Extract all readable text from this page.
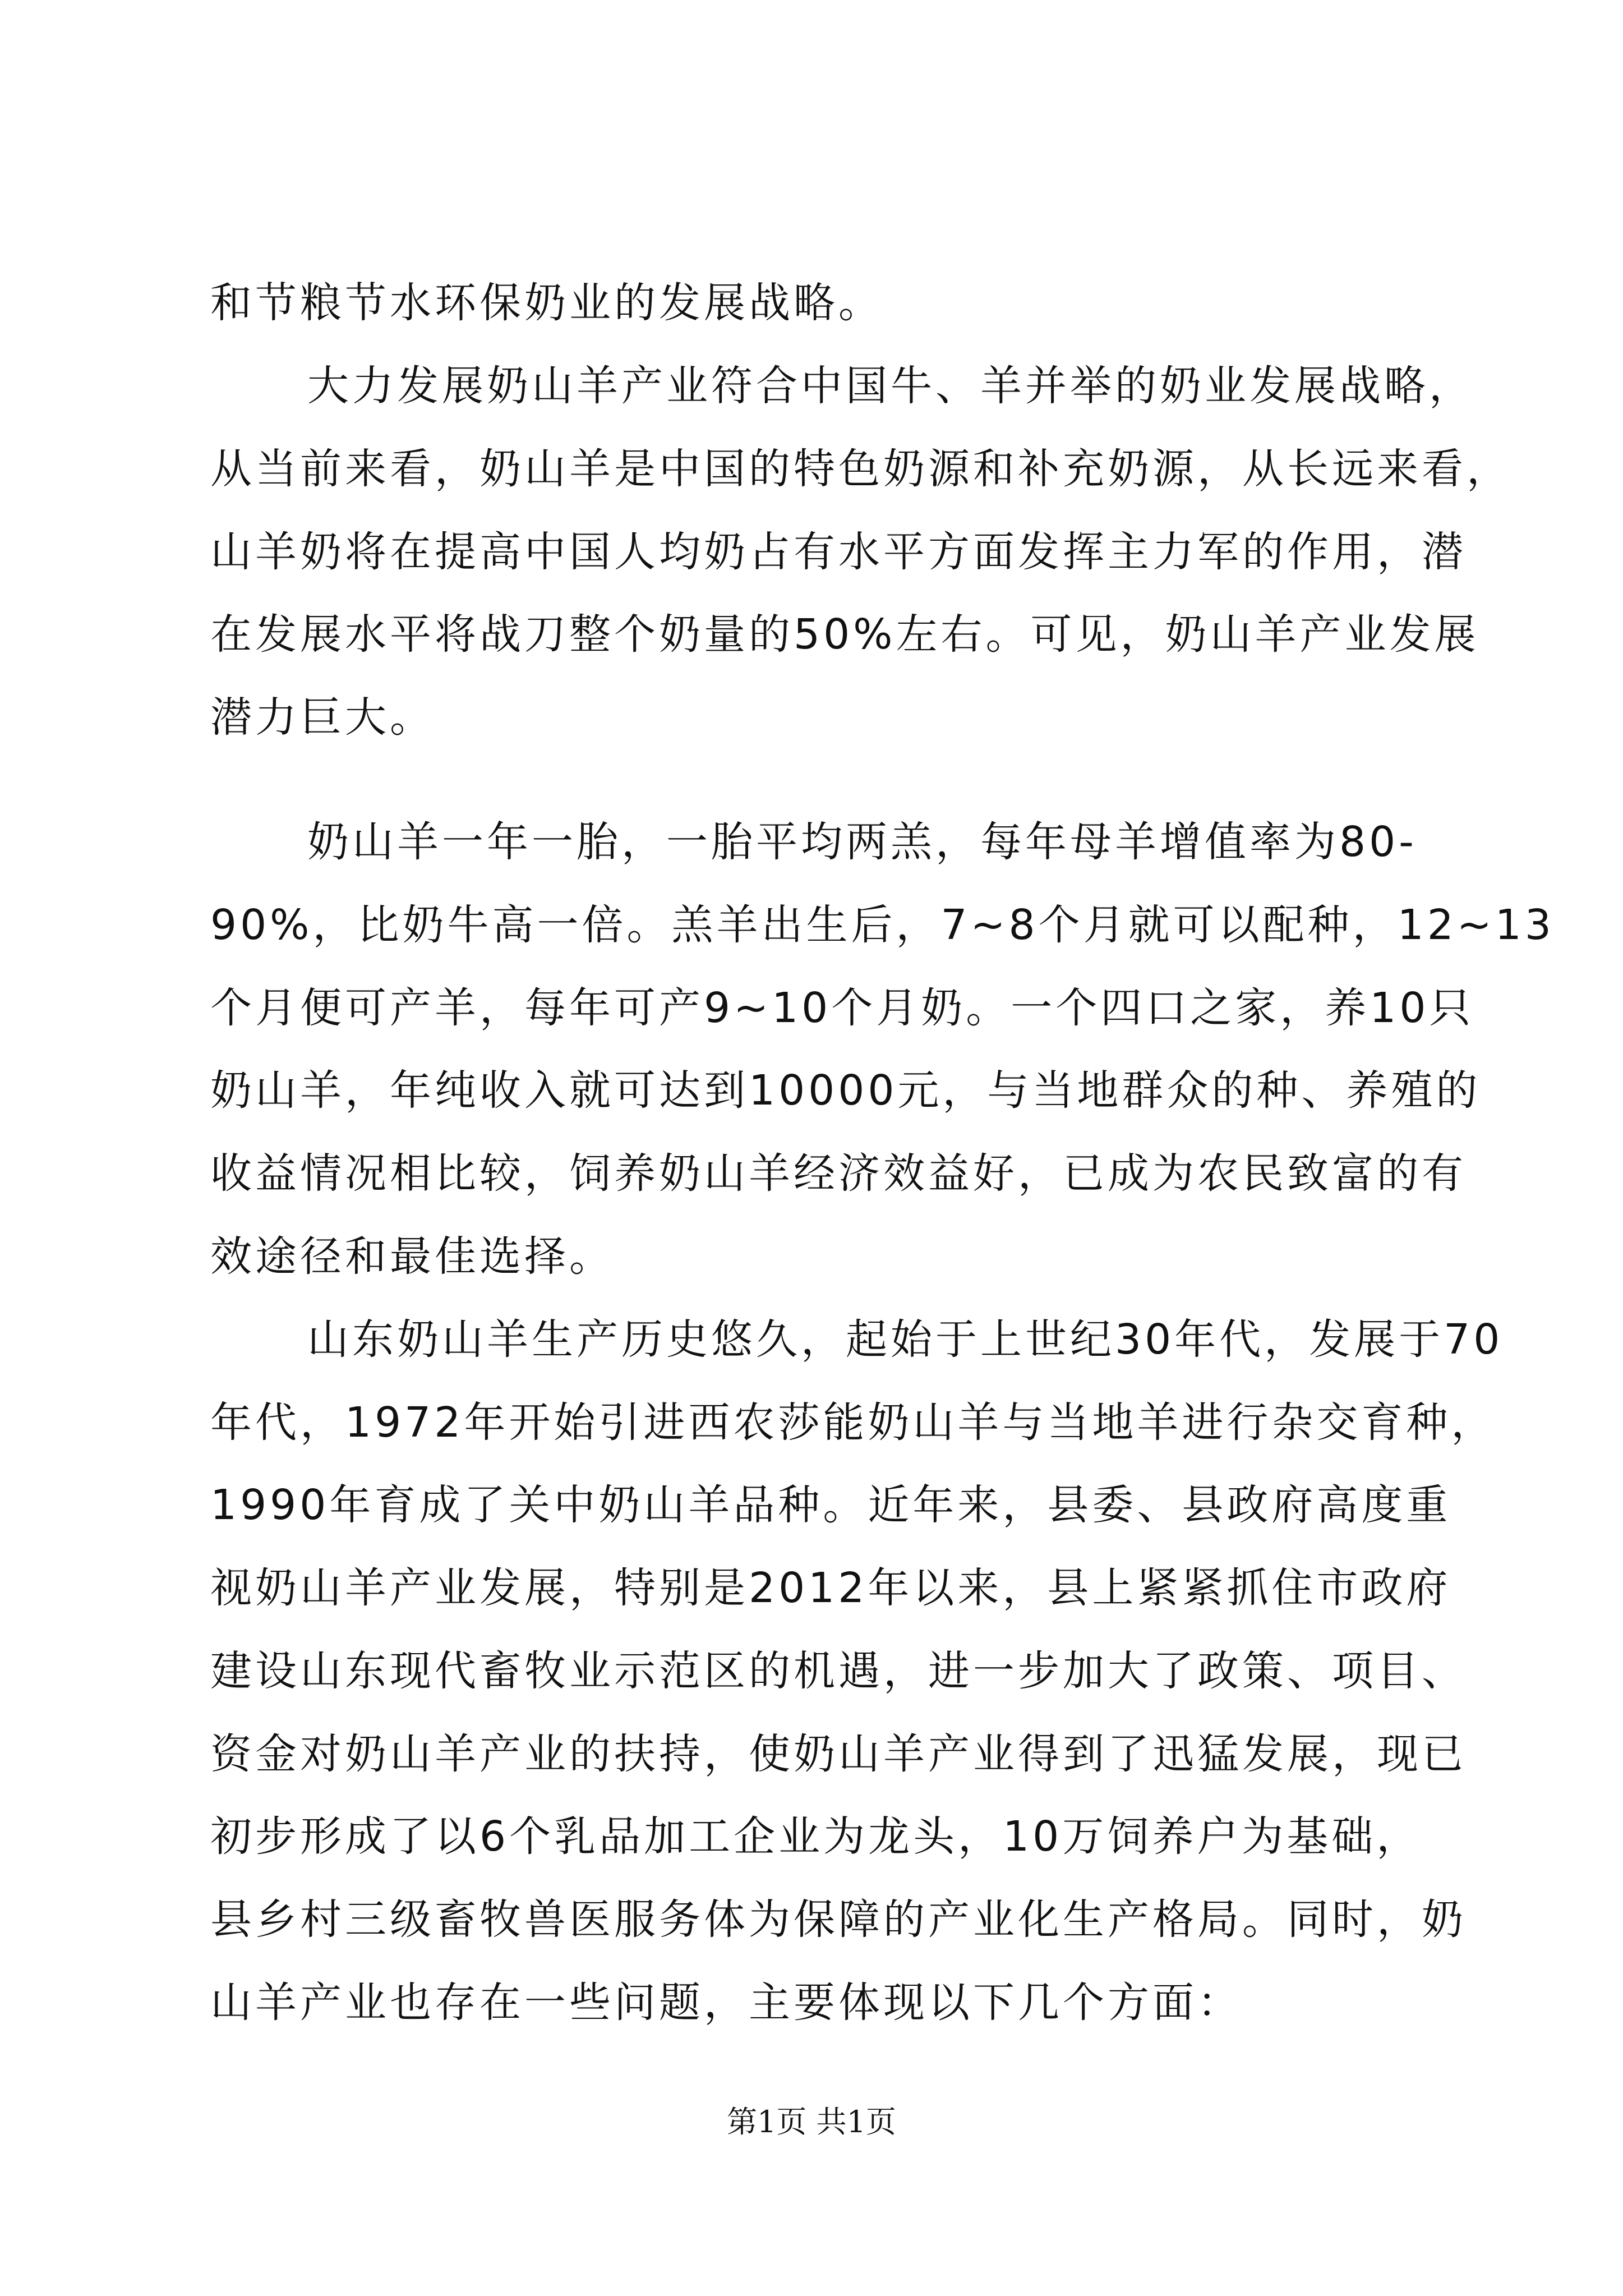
和节粮节水环保奶业的发展战略。
大力发展奶山羊产业符合中国牛、羊并举的奶业发展战略，
从当前来看，奶山羊是中国的特色奶源和补充奶源，从长远来看，
山羊奶将在提高中国人均奶占有水平方面发挥主力军的作用，潜
在发展水平将战刀整个奶量的50%左右。可见，奶山羊产业发展
潜力巨大。
奶山羊一年一胎，一胎平均两羔，每年母羊增值率为80-
90%，比奶牛高一倍。羔羊出生后，7~8个月就可以配种，12~13
个月便可产羊，每年可产9~10个月奶。一个四口之家，养10只
奶山羊，年纯收入就可达到10000元，与当地群众的种、养殖的
收益情况相比较，饲养奶山羊经济效益好，已成为农民致富的有
效途径和最佳选择。
山东奶山羊生产历史悠久，起始于上世纪30年代，发展于70
年代，1972年开始引进西农莎能奶山羊与当地羊进行杂交育种，
1990年育成了关中奶山羊品种。近年来，县委、县政府高度重
视奶山羊产业发展，特别是2012年以来，县上紧紧抓住市政府
建设山东现代畜牧业示范区的机遇，进一步加大了政策、项目、
资金对奶山羊产业的扶持，使奶山羊产业得到了迅猛发展，现已
初步形成了以6个乳品加工企业为龙头，10万饲养户为基础，
县乡村三级畜牧兽医服务体为保障的产业化生产格局。同时，奶
山羊产业也存在一些问题，主要体现以下几个方面：
第1页 共1页
